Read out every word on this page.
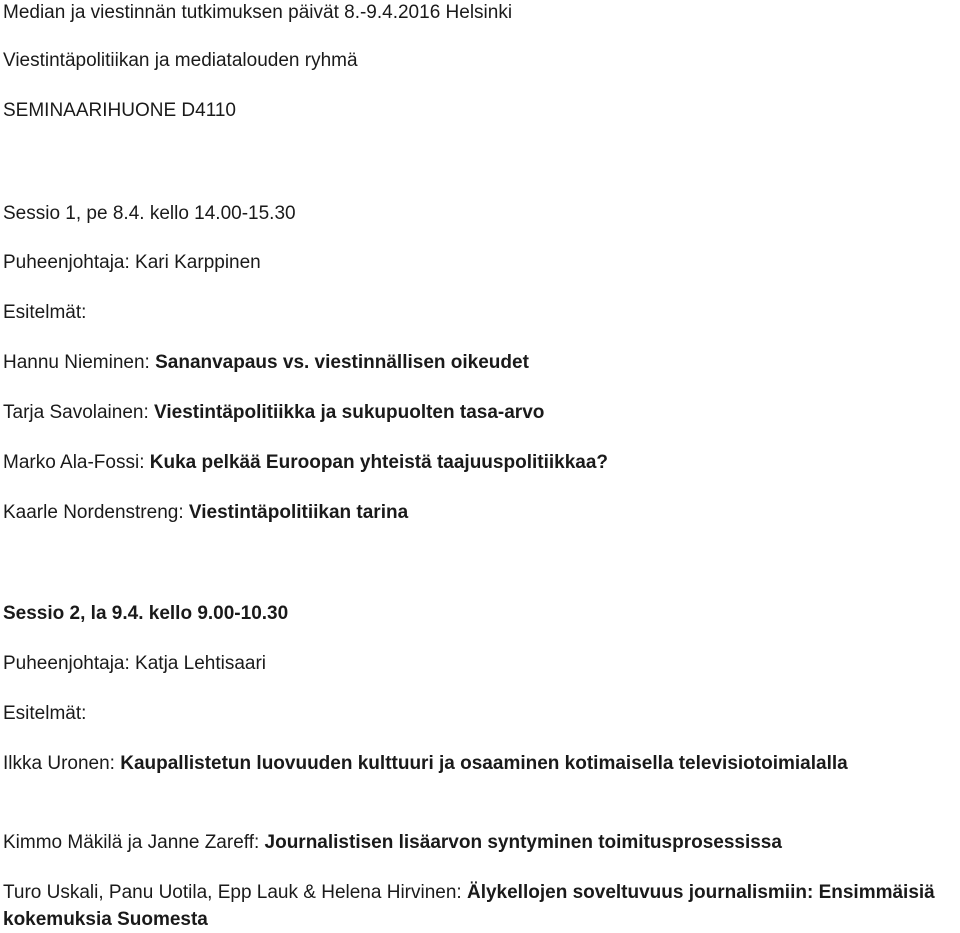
Median ja viestinnän tutkimuksen päivät 8.-9.4.2016 Helsinki
Viestintäpolitiikan ja mediatalouden ryhmä
SEMINAARIHUONE D4110
Sessio 1, pe 8.4. kello 14.00-15.30
Puheenjohtaja: Kari Karppinen
Esitelmät:
Hannu Nieminen: Sananvapaus vs. viestinnällisen oikeudet
Tarja Savolainen: Viestintäpolitiikka ja sukupuolten tasa-arvo
Marko Ala-Fossi: Kuka pelkää Euroopan yhteistä taajuuspolitiikkaa?
Kaarle Nordenstreng: Viestintäpolitiikan tarina
Sessio 2, la 9.4. kello 9.00-10.30
Puheenjohtaja: Katja Lehtisaari
Esitelmät:
Ilkka Uronen: Kaupallistetun luovuuden kulttuuri ja osaaminen kotimaisella televisiotoimialalla
Kimmo Mäkilä ja Janne Zareff: Journalistisen lisäarvon syntyminen toimitusprosessissa
Turo Uskali, Panu Uotila, Epp Lauk & Helena Hirvinen: Älykellojen soveltuvuus journalismiin: Ensimmäisiä kokemuksia Suomesta
